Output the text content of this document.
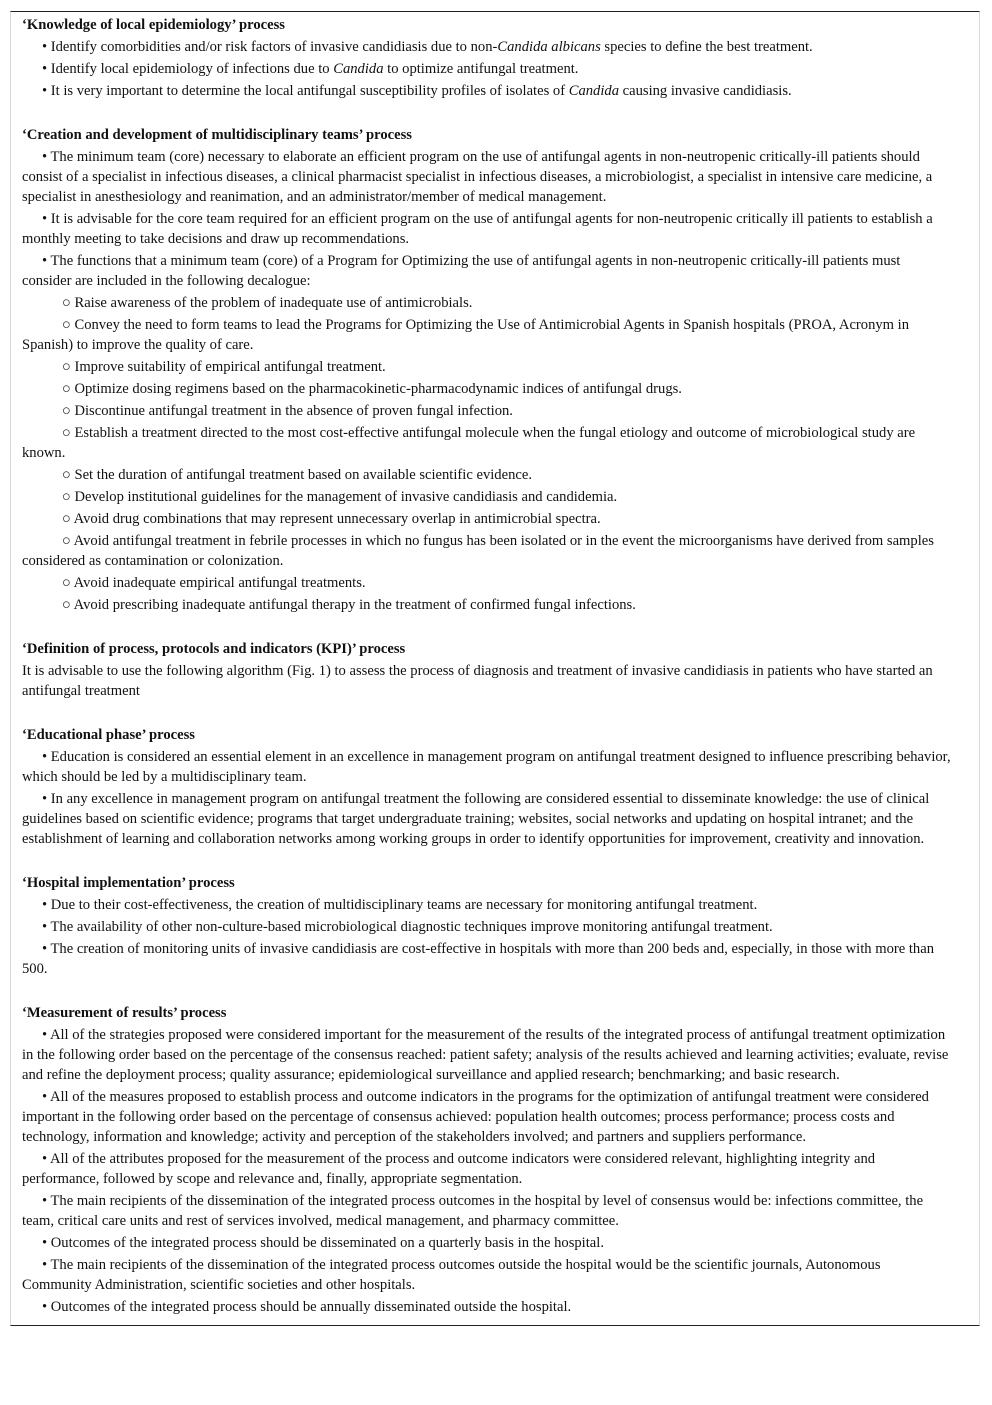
‘Knowledge of local epidemiology’ process
• Identify comorbidities and/or risk factors of invasive candidiasis due to non-Candida albicans species to define the best treatment.
• Identify local epidemiology of infections due to Candida to optimize antifungal treatment.
• It is very important to determine the local antifungal susceptibility profiles of isolates of Candida causing invasive candidiasis.
‘Creation and development of multidisciplinary teams’ process
• The minimum team (core) necessary to elaborate an efficient program on the use of antifungal agents in non-neutropenic critically-ill patients should consist of a specialist in infectious diseases, a clinical pharmacist specialist in infectious diseases, a microbiologist, a specialist in intensive care medicine, a specialist in anesthesiology and reanimation, and an administrator/member of medical management.
• It is advisable for the core team required for an efficient program on the use of antifungal agents for non-neutropenic critically ill patients to establish a monthly meeting to take decisions and draw up recommendations.
• The functions that a minimum team (core) of a Program for Optimizing the use of antifungal agents in non-neutropenic critically-ill patients must consider are included in the following decalogue:
○ Raise awareness of the problem of inadequate use of antimicrobials.
○ Convey the need to form teams to lead the Programs for Optimizing the Use of Antimicrobial Agents in Spanish hospitals (PROA, Acronym in Spanish) to improve the quality of care.
○ Improve suitability of empirical antifungal treatment.
○ Optimize dosing regimens based on the pharmacokinetic-pharmacodynamic indices of antifungal drugs.
○ Discontinue antifungal treatment in the absence of proven fungal infection.
○ Establish a treatment directed to the most cost-effective antifungal molecule when the fungal etiology and outcome of microbiological study are known.
○ Set the duration of antifungal treatment based on available scientific evidence.
○ Develop institutional guidelines for the management of invasive candidiasis and candidemia.
○ Avoid drug combinations that may represent unnecessary overlap in antimicrobial spectra.
○ Avoid antifungal treatment in febrile processes in which no fungus has been isolated or in the event the microorganisms have derived from samples considered as contamination or colonization.
○ Avoid inadequate empirical antifungal treatments.
○ Avoid prescribing inadequate antifungal therapy in the treatment of confirmed fungal infections.
‘Definition of process, protocols and indicators (KPI)’ process
It is advisable to use the following algorithm (Fig. 1) to assess the process of diagnosis and treatment of invasive candidiasis in patients who have started an antifungal treatment
‘Educational phase’ process
• Education is considered an essential element in an excellence in management program on antifungal treatment designed to influence prescribing behavior, which should be led by a multidisciplinary team.
• In any excellence in management program on antifungal treatment the following are considered essential to disseminate knowledge: the use of clinical guidelines based on scientific evidence; programs that target undergraduate training; websites, social networks and updating on hospital intranet; and the establishment of learning and collaboration networks among working groups in order to identify opportunities for improvement, creativity and innovation.
‘Hospital implementation’ process
• Due to their cost-effectiveness, the creation of multidisciplinary teams are necessary for monitoring antifungal treatment.
• The availability of other non-culture-based microbiological diagnostic techniques improve monitoring antifungal treatment.
• The creation of monitoring units of invasive candidiasis are cost-effective in hospitals with more than 200 beds and, especially, in those with more than 500.
‘Measurement of results’ process
• All of the strategies proposed were considered important for the measurement of the results of the integrated process of antifungal treatment optimization in the following order based on the percentage of the consensus reached: patient safety; analysis of the results achieved and learning activities; evaluate, revise and refine the deployment process; quality assurance; epidemiological surveillance and applied research; benchmarking; and basic research.
• All of the measures proposed to establish process and outcome indicators in the programs for the optimization of antifungal treatment were considered important in the following order based on the percentage of consensus achieved: population health outcomes; process performance; process costs and technology, information and knowledge; activity and perception of the stakeholders involved; and partners and suppliers performance.
• All of the attributes proposed for the measurement of the process and outcome indicators were considered relevant, highlighting integrity and performance, followed by scope and relevance and, finally, appropriate segmentation.
• The main recipients of the dissemination of the integrated process outcomes in the hospital by level of consensus would be: infections committee, the team, critical care units and rest of services involved, medical management, and pharmacy committee.
• Outcomes of the integrated process should be disseminated on a quarterly basis in the hospital.
• The main recipients of the dissemination of the integrated process outcomes outside the hospital would be the scientific journals, Autonomous Community Administration, scientific societies and other hospitals.
• Outcomes of the integrated process should be annually disseminated outside the hospital.
